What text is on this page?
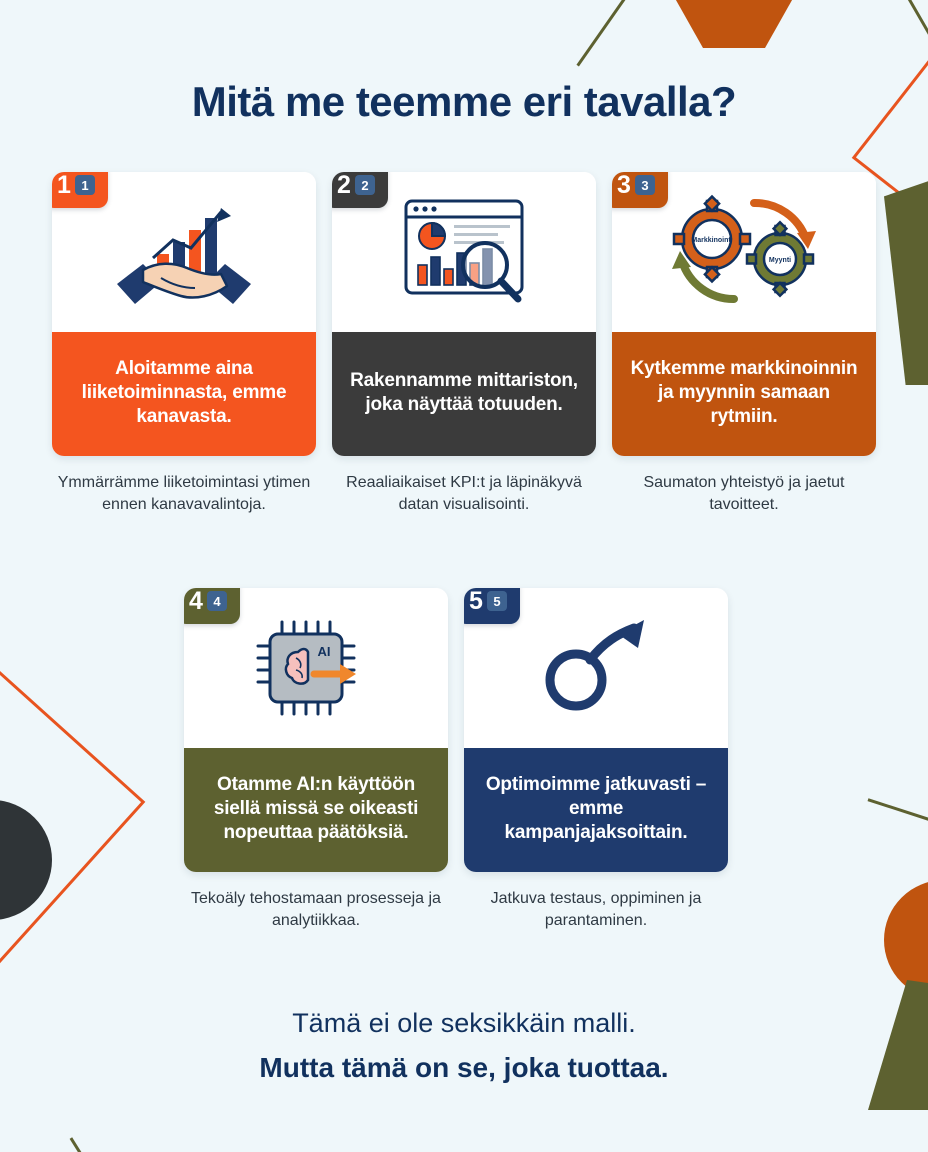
Mitä me teemme eri tavalla?
1 1
Aloitamme aina liiketoiminnasta, emme kanavasta.
Ymmärrämme liiketoimintasi ytimen ennen kanavavalintoja.
2 2
Rakennamme mittariston, joka näyttää totuuden.
Reaaliaikaiset KPI:t ja läpinäkyvä datan visualisointi.
3 3
Markkinointi
Myynti
Kytkemme markkinoinnin ja myynnin samaan rytmiin.
Saumaton yhteistyö ja jaetut tavoitteet.
4 4
AI
Otamme AI:n käyttöön siellä missä se oikeasti nopeuttaa päätöksiä.
Tekoäly tehostamaan prosesseja ja analytiikkaa.
5 5
Optimoimme jatkuvasti – emme kampanjajaksoittain.
Jatkuva testaus, oppiminen ja parantaminen.
Tämä ei ole seksikkäin malli.
Mutta tämä on se, joka tuottaa.
